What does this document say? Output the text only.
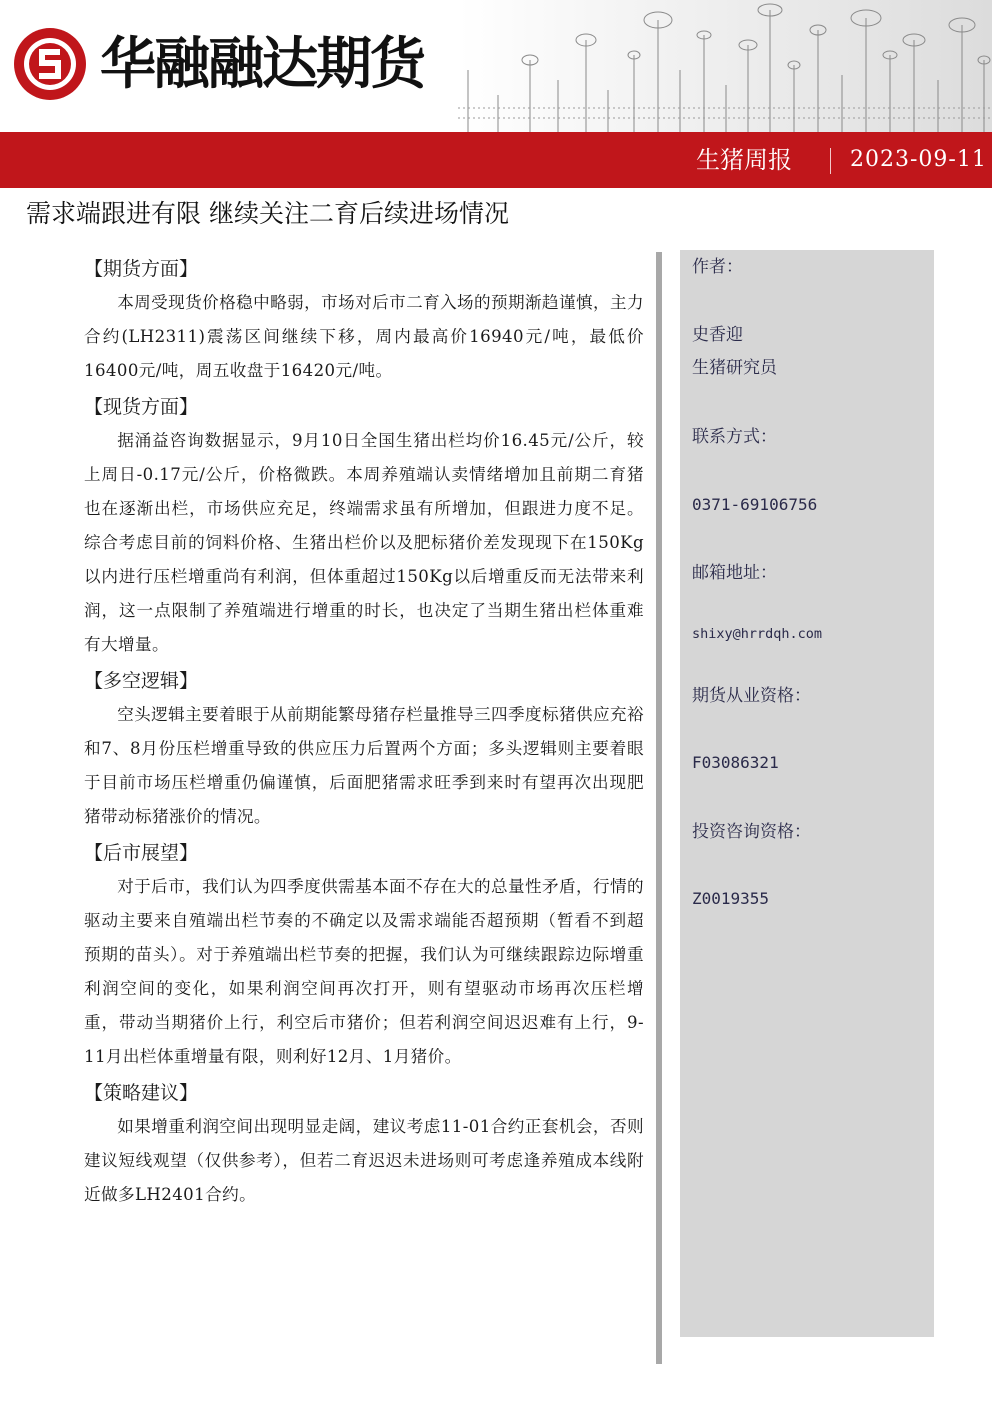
华融融达期货
生猪周报	2023-09-11
需求端跟进有限 继续关注二育后续进场情况
【期货方面】

本周受现货价格稳中略弱，市场对后市二育入场的预期渐趋谨慎，主力合约(LH2311)震荡区间继续下移，周内最高价16940元/吨，最低价16400元/吨，周五收盘于16420元/吨。

【现货方面】

据涌益咨询数据显示，9月10日全国生猪出栏均价16.45元/公斤，较上周日-0.17元/公斤，价格微跌。本周养殖端认卖情绪增加且前期二育猪也在逐渐出栏，市场供应充足，终端需求虽有所增加，但跟进力度不足。综合考虑目前的饲料价格、生猪出栏价以及肥标猪价差发现现下在150Kg以内进行压栏增重尚有利润，但体重超过150Kg以后增重反而无法带来利润，这一点限制了养殖端进行增重的时长，也决定了当期生猪出栏体重难有大增量。

【多空逻辑】

空头逻辑主要着眼于从前期能繁母猪存栏量推导三四季度标猪供应充裕和7、8月份压栏增重导致的供应压力后置两个方面；多头逻辑则主要着眼于目前市场压栏增重仍偏谨慎，后面肥猪需求旺季到来时有望再次出现肥猪带动标猪涨价的情况。

【后市展望】

对于后市，我们认为四季度供需基本面不存在大的总量性矛盾，行情的驱动主要来自殖端出栏节奏的不确定以及需求端能否超预期（暂看不到超预期的苗头）。对于养殖端出栏节奏的把握，我们认为可继续跟踪边际增重利润空间的变化，如果利润空间再次打开，则有望驱动市场再次压栏增重，带动当期猪价上行，利空后市猪价；但若利润空间迟迟难有上行，9-11月出栏体重增量有限，则利好12月、1月猪价。

【策略建议】

如果增重利润空间出现明显走阔，建议考虑11-01合约正套机会，否则建议短线观望（仅供参考），但若二育迟迟未进场则可考虑逢养殖成本线附近做多LH2401合约。

作者：
史香迎
生猪研究员
联系方式：
0371-69106756
邮箱地址：
shixy@hrrdqh.com
期货从业资格：
F03086321
投资咨询资格：
Z0019355
